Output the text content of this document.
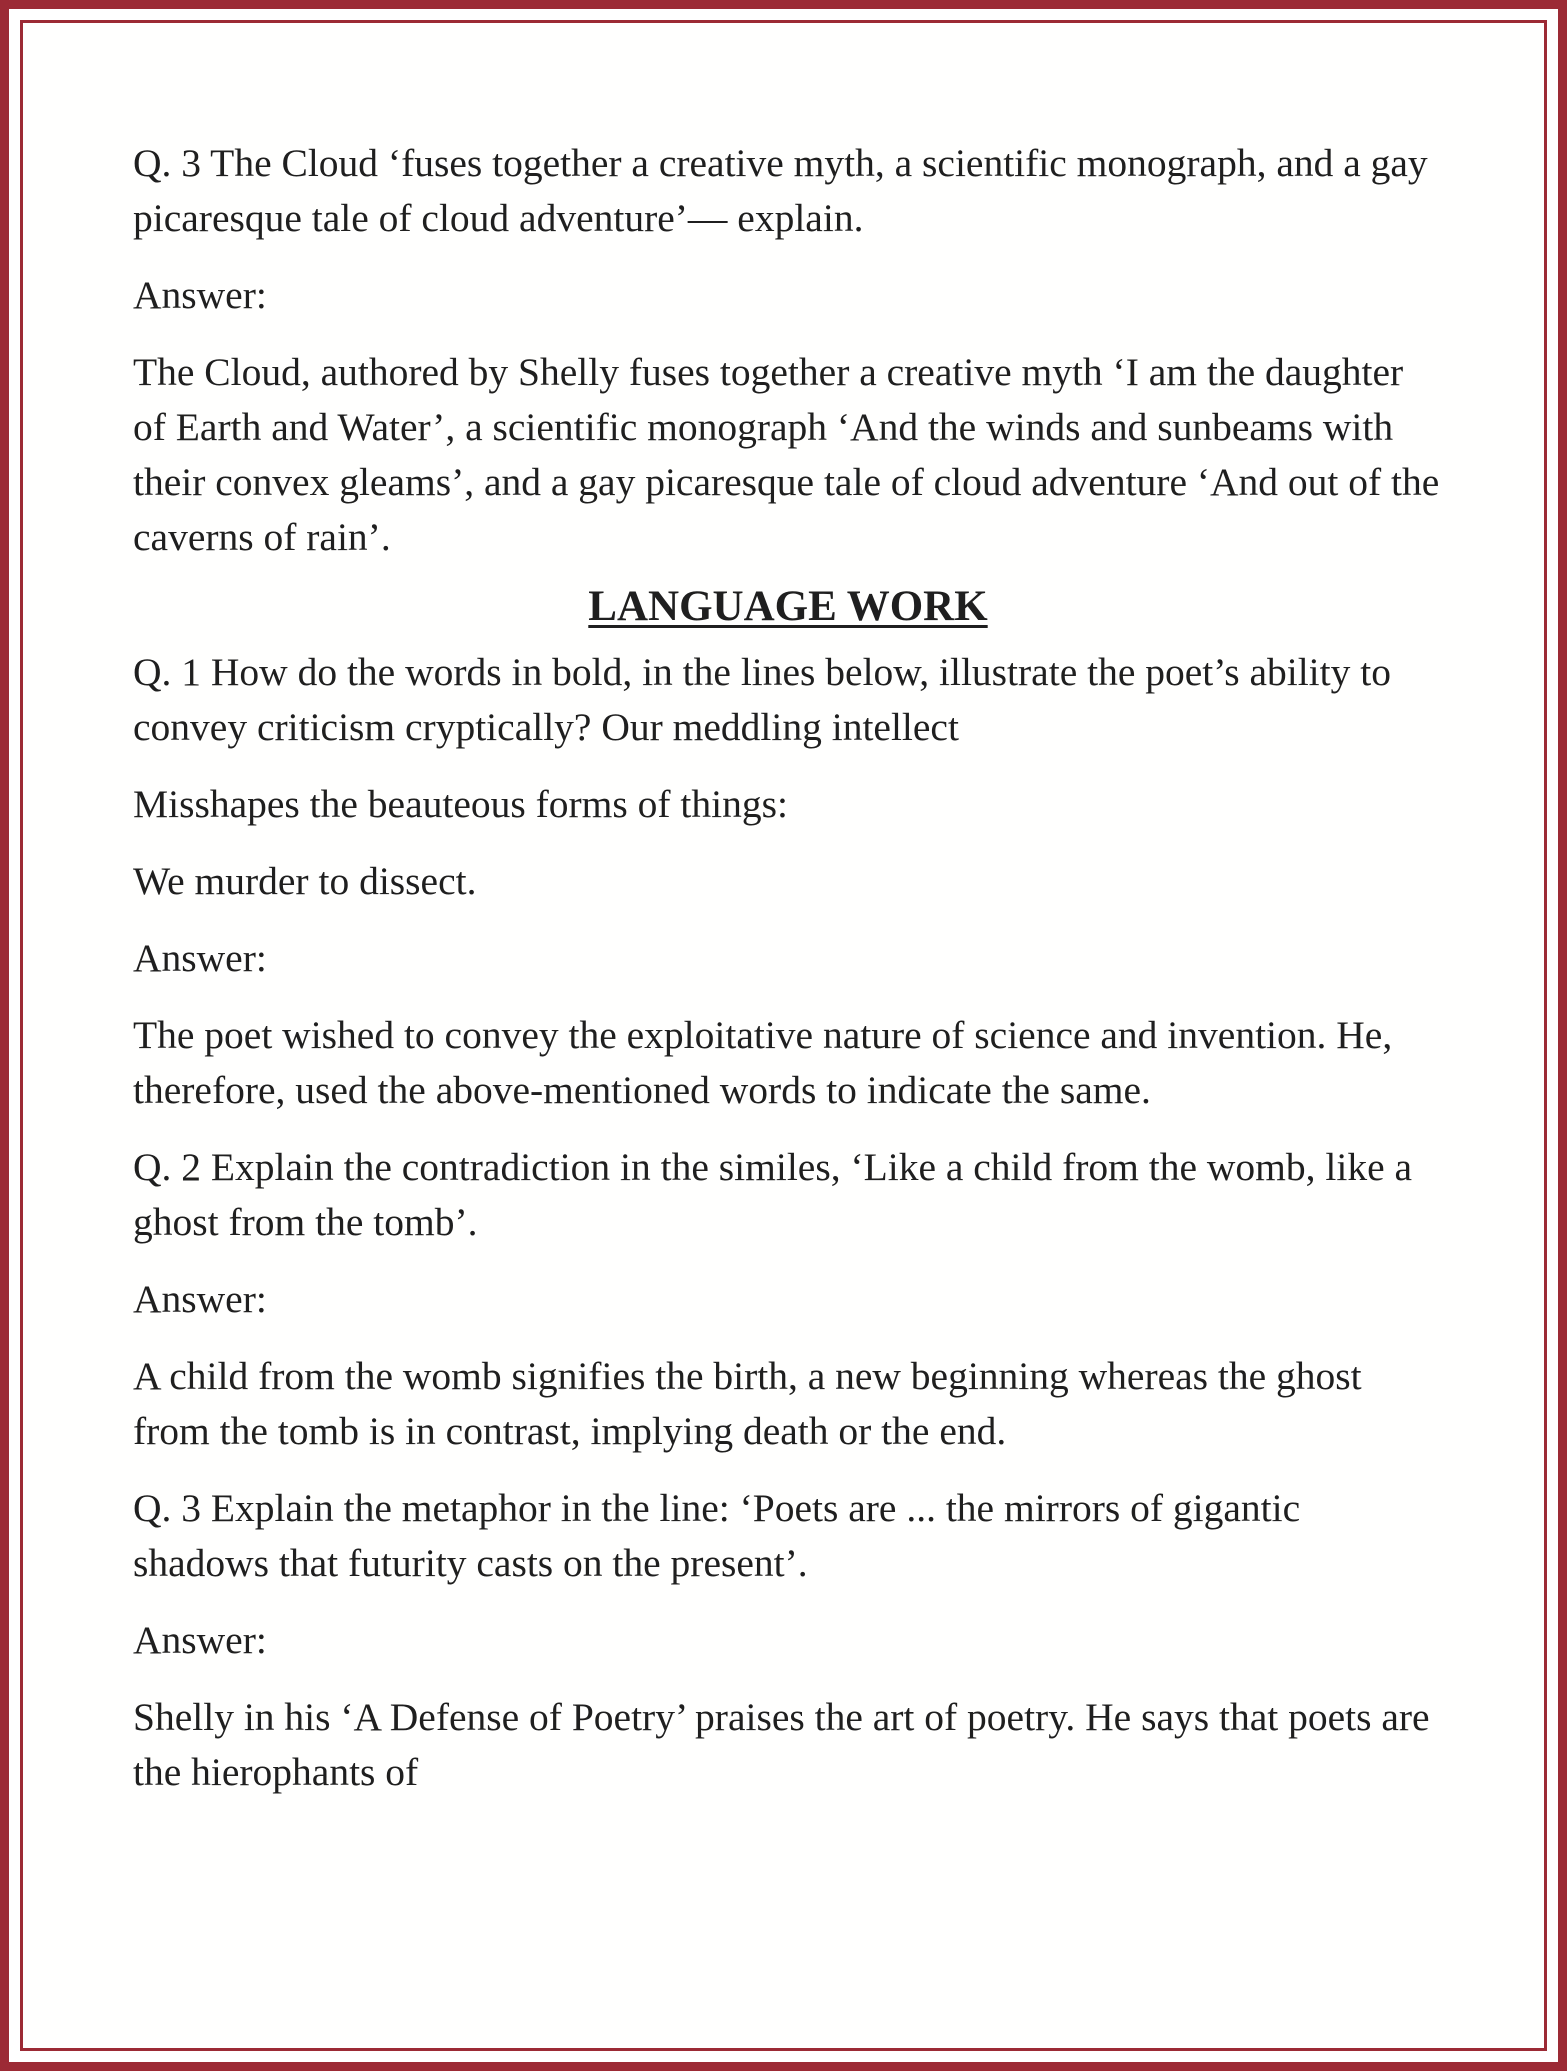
Q. 3 The Cloud ‘fuses together a creative myth, a scientific monograph, and a gay picaresque tale of cloud adventure’— explain.

Answer:

The Cloud, authored by Shelly fuses together a creative myth ‘I am the daughter of Earth and Water’, a scientific monograph ‘And the winds and sunbeams with their convex gleams’, and a gay picaresque tale of cloud adventure ‘And out of the caverns of rain’.

LANGUAGE WORK

Q. 1 How do the words in bold, in the lines below, illustrate the poet’s ability to convey criticism cryptically? Our meddling intellect

Misshapes the beauteous forms of things:

We murder to dissect.

Answer:

The poet wished to convey the exploitative nature of science and invention. He, therefore, used the above-mentioned words to indicate the same.

Q. 2 Explain the contradiction in the similes, ‘Like a child from the womb, like a ghost from the tomb’.

Answer:

A child from the womb signifies the birth, a new beginning whereas the ghost from the tomb is in contrast, implying death or the end.

Q. 3 Explain the metaphor in the line: ‘Poets are ... the mirrors of gigantic shadows that futurity casts on the present’.

Answer:

Shelly in his ‘A Defense of Poetry’ praises the art of poetry. He says that poets are the hierophants of
